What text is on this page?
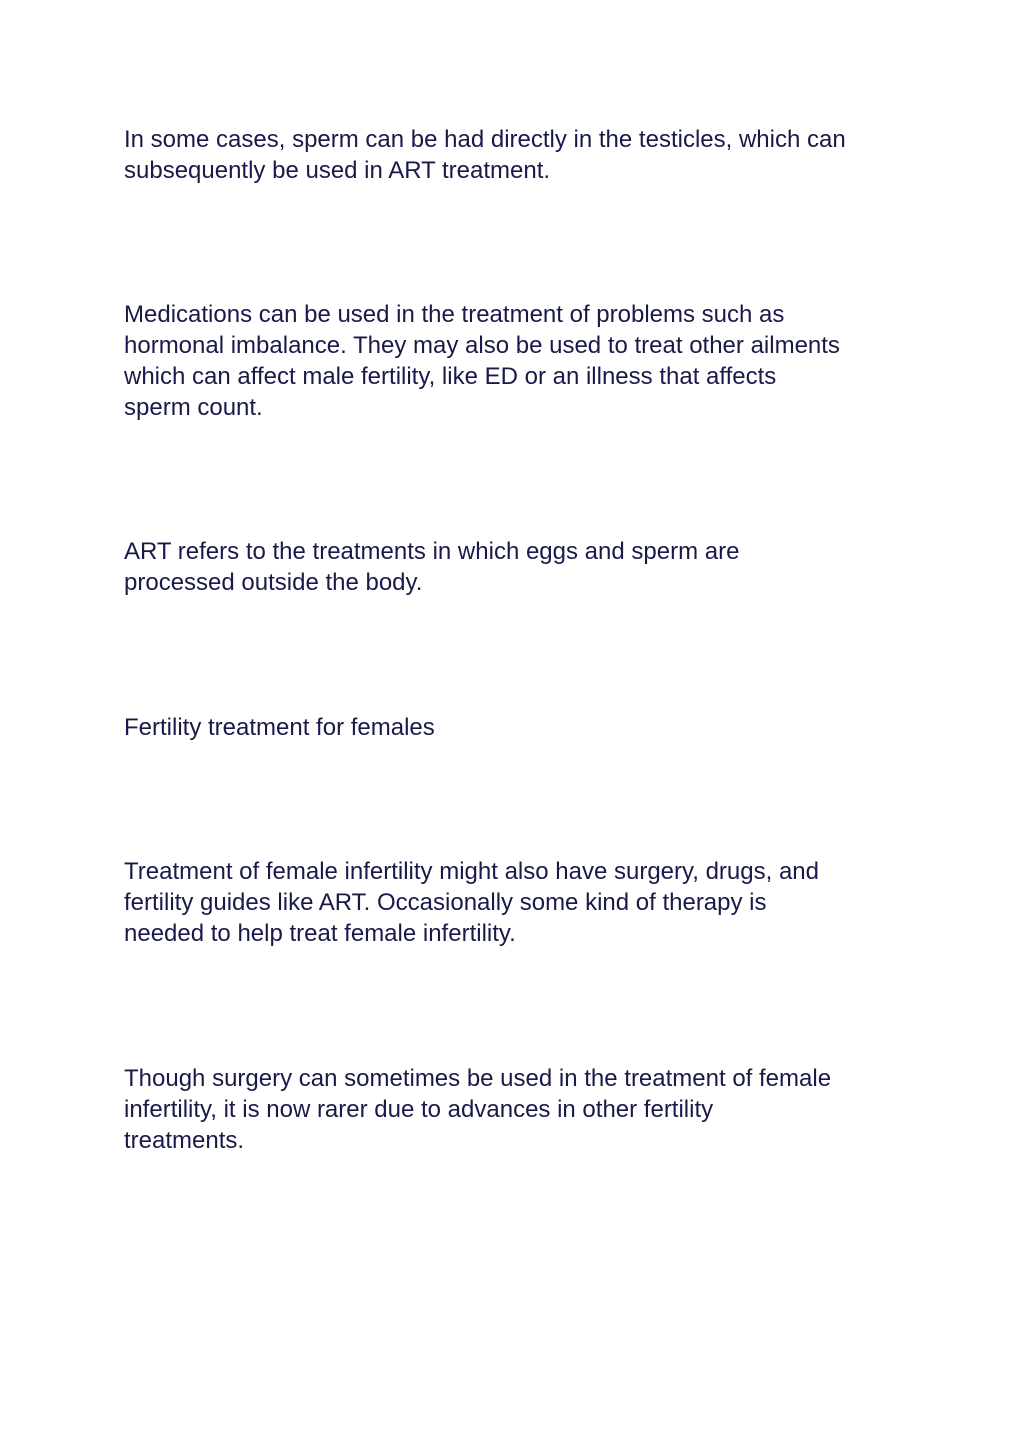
In some cases, sperm can be had directly in the testicles, which can
subsequently be used in ART treatment.

Medications can be used in the treatment of problems such as
hormonal imbalance. They may also be used to treat other ailments
which can affect male fertility, like ED or an illness that affects
sperm count.

ART refers to the treatments in which eggs and sperm are
processed outside the body.

Fertility treatment for females

Treatment of female infertility might also have surgery, drugs, and
fertility guides like ART. Occasionally some kind of therapy is
needed to help treat female infertility.

Though surgery can sometimes be used in the treatment of female
infertility, it is now rarer due to advances in other fertility
treatments.
